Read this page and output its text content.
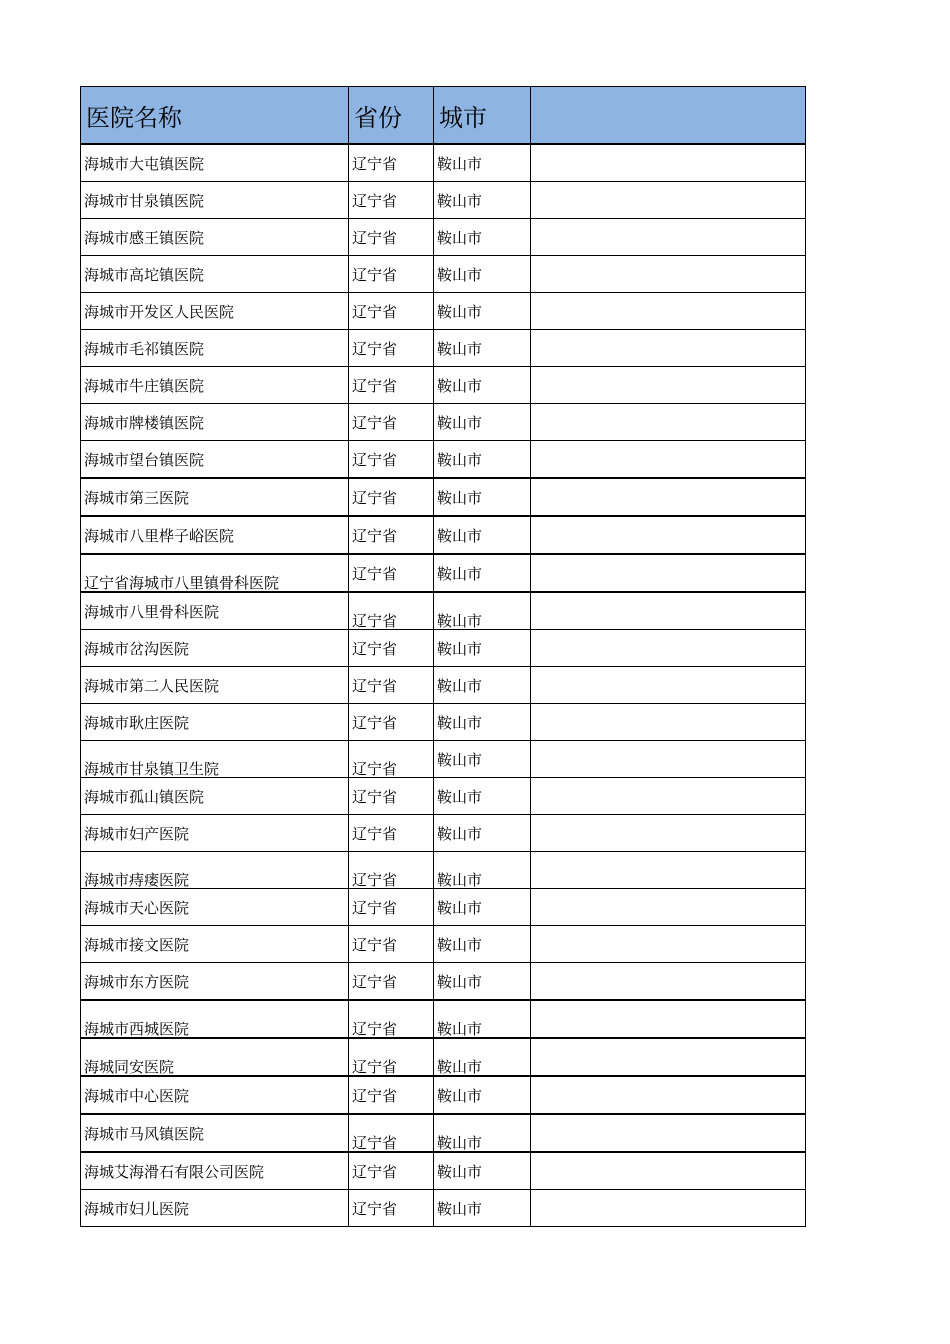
医院名称	省份	城市	
海城市大屯镇医院	辽宁省	鞍山市	
海城市甘泉镇医院	辽宁省	鞍山市	
海城市感王镇医院	辽宁省	鞍山市	
海城市高坨镇医院	辽宁省	鞍山市	
海城市开发区人民医院	辽宁省	鞍山市	
海城市毛祁镇医院	辽宁省	鞍山市	
海城市牛庄镇医院	辽宁省	鞍山市	
海城市牌楼镇医院	辽宁省	鞍山市	
海城市望台镇医院	辽宁省	鞍山市	
海城市第三医院	辽宁省	鞍山市	
海城市八里桦子峪医院	辽宁省	鞍山市	
辽宁省海城市八里镇骨科医院	辽宁省	鞍山市	
海城市八里骨科医院	辽宁省	鞍山市	
海城市岔沟医院	辽宁省	鞍山市	
海城市第二人民医院	辽宁省	鞍山市	
海城市耿庄医院	辽宁省	鞍山市	
海城市甘泉镇卫生院	辽宁省	鞍山市	
海城市孤山镇医院	辽宁省	鞍山市	
海城市妇产医院	辽宁省	鞍山市	
海城市痔瘘医院	辽宁省	鞍山市	
海城市天心医院	辽宁省	鞍山市	
海城市接文医院	辽宁省	鞍山市	
海城市东方医院	辽宁省	鞍山市	
海城市西城医院	辽宁省	鞍山市	
海城同安医院	辽宁省	鞍山市	
海城市中心医院	辽宁省	鞍山市	
海城市马风镇医院	辽宁省	鞍山市	
海城艾海滑石有限公司医院	辽宁省	鞍山市	
海城市妇儿医院	辽宁省	鞍山市	
